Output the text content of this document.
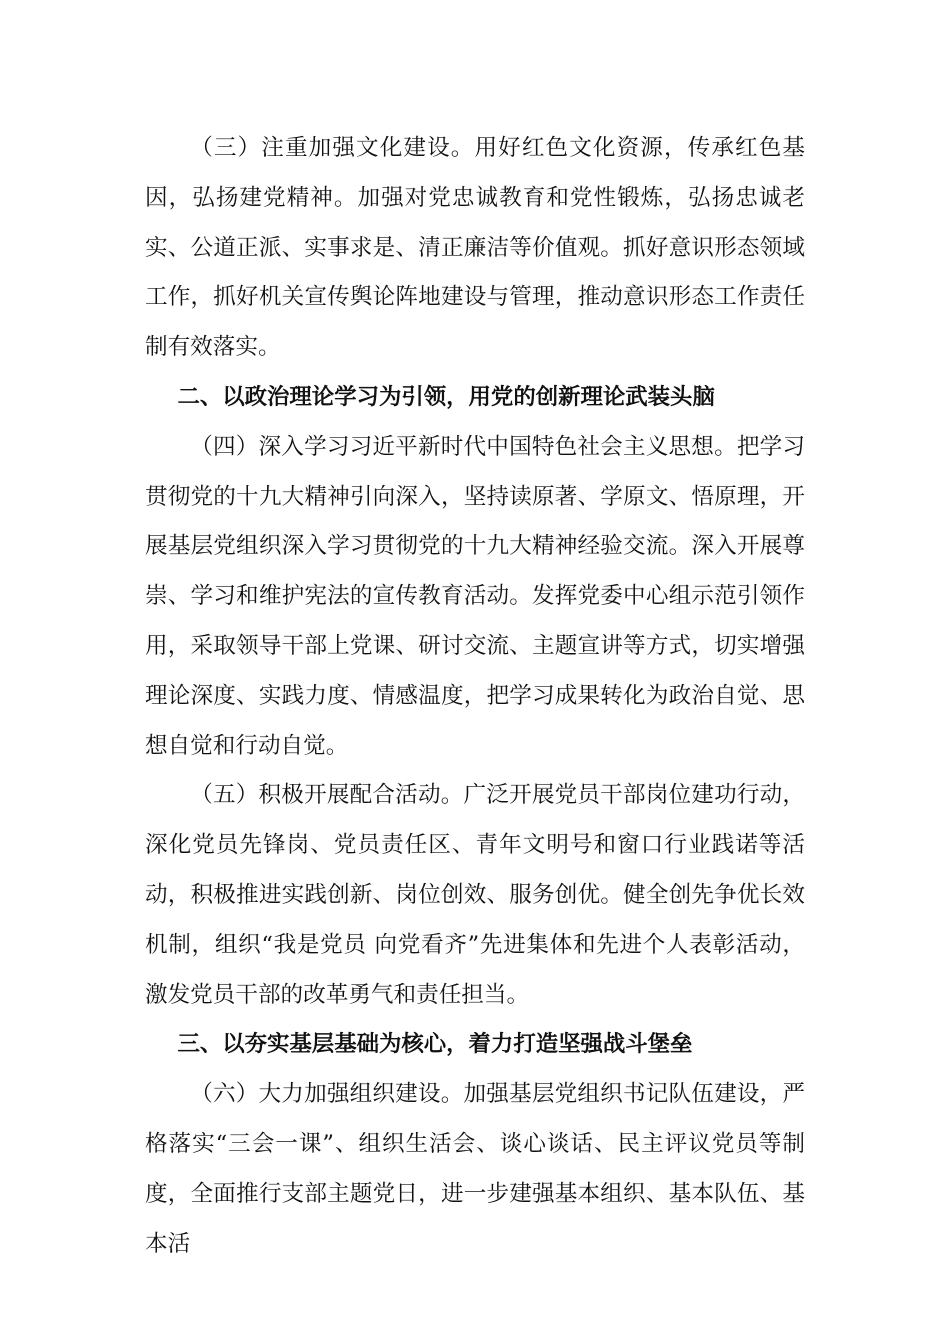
（三）注重加强文化建设。用好红色文化资源，传承红色基因，弘扬建党精神。加强对党忠诚教育和党性锻炼，弘扬忠诚老实、公道正派、实事求是、清正廉洁等价值观。抓好意识形态领域工作，抓好机关宣传舆论阵地建设与管理，推动意识形态工作责任制有效落实。

二、以政治理论学习为引领，用党的创新理论武装头脑

（四）深入学习习近平新时代中国特色社会主义思想。把学习贯彻党的十九大精神引向深入，坚持读原著、学原文、悟原理，开展基层党组织深入学习贯彻党的十九大精神经验交流。深入开展尊崇、学习和维护宪法的宣传教育活动。发挥党委中心组示范引领作用，采取领导干部上党课、研讨交流、主题宣讲等方式，切实增强理论深度、实践力度、情感温度，把学习成果转化为政治自觉、思想自觉和行动自觉。

（五）积极开展配合活动。广泛开展党员干部岗位建功行动，深化党员先锋岗、党员责任区、青年文明号和窗口行业践诺等活动，积极推进实践创新、岗位创效、服务创优。健全创先争优长效机制，组织“我是党员 向党看齐”先进集体和先进个人表彰活动，激发党员干部的改革勇气和责任担当。

三、以夯实基层基础为核心，着力打造坚强战斗堡垒

（六）大力加强组织建设。加强基层党组织书记队伍建设，严格落实“三会一课”、组织生活会、谈心谈话、民主评议党员等制度，全面推行支部主题党日，进一步建强基本组织、基本队伍、基本活
